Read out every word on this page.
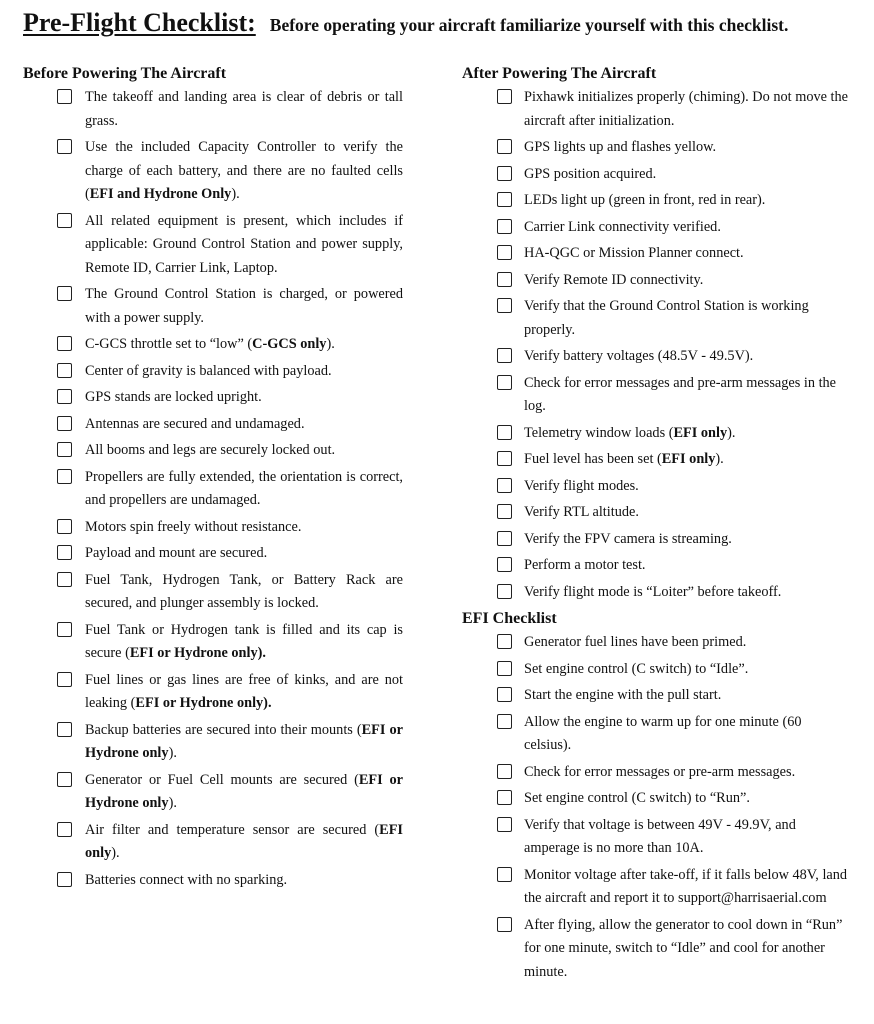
Pre-Flight Checklist: Before operating your aircraft familiarize yourself with this checklist.
Before Powering The Aircraft
The takeoff and landing area is clear of debris or tall grass.
Use the included Capacity Controller to verify the charge of each battery, and there are no faulted cells (EFI and Hydrone Only).
All related equipment is present, which includes if applicable: Ground Control Station and power supply, Remote ID, Carrier Link, Laptop.
The Ground Control Station is charged, or powered with a power supply.
C-GCS throttle set to “low” (C-GCS only).
Center of gravity is balanced with payload.
GPS stands are locked upright.
Antennas are secured and undamaged.
All booms and legs are securely locked out.
Propellers are fully extended, the orientation is correct, and propellers are undamaged.
Motors spin freely without resistance.
Payload and mount are secured.
Fuel Tank, Hydrogen Tank, or Battery Rack are secured, and plunger assembly is locked.
Fuel Tank or Hydrogen tank is filled and its cap is secure (EFI or Hydrone only).
Fuel lines or gas lines are free of kinks, and are not leaking (EFI or Hydrone only).
Backup batteries are secured into their mounts (EFI or Hydrone only).
Generator or Fuel Cell mounts are secured (EFI or Hydrone only).
Air filter and temperature sensor are secured (EFI only).
Batteries connect with no sparking.
After Powering The Aircraft
Pixhawk initializes properly (chiming). Do not move the aircraft after initialization.
GPS lights up and flashes yellow.
GPS position acquired.
LEDs light up (green in front, red in rear).
Carrier Link connectivity verified.
HA-QGC or Mission Planner connect.
Verify Remote ID connectivity.
Verify that the Ground Control Station is working properly.
Verify battery voltages (48.5V - 49.5V).
Check for error messages and pre-arm messages in the log.
Telemetry window loads (EFI only).
Fuel level has been set (EFI only).
Verify flight modes.
Verify RTL altitude.
Verify the FPV camera is streaming.
Perform a motor test.
Verify flight mode is “Loiter” before takeoff.
EFI Checklist
Generator fuel lines have been primed.
Set engine control (C switch) to “Idle”.
Start the engine with the pull start.
Allow the engine to warm up for one minute (60 celsius).
Check for error messages or pre-arm messages.
Set engine control (C switch) to “Run”.
Verify that voltage is between 49V - 49.9V, and amperage is no more than 10A.
Monitor voltage after take-off, if it falls below 48V, land the aircraft and report it to support@harrisaerial.com
After flying, allow the generator to cool down in “Run” for one minute, switch to “Idle” and cool for another minute.
